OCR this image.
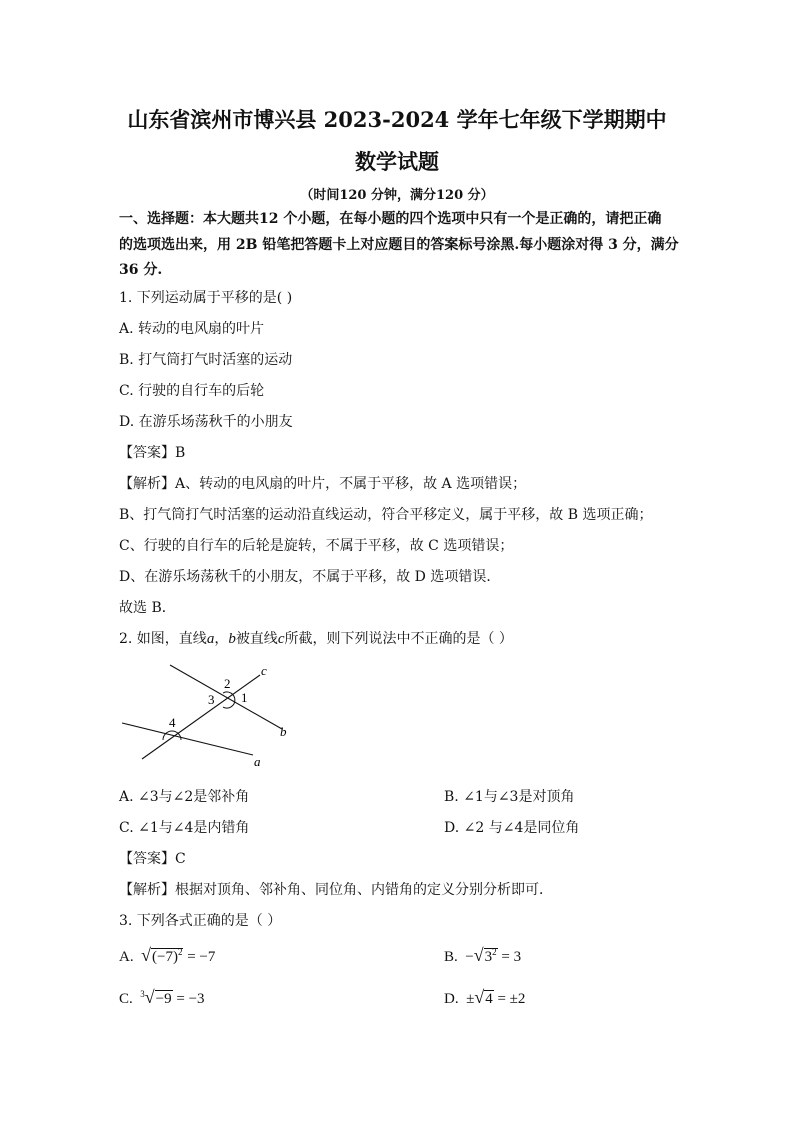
山东省滨州市博兴县 2023-2024 学年七年级下学期期中
数学试题
（时间120 分钟，满分120 分）
一、选择题：本大题共12 个小题，在每小题的四个选项中只有一个是正确的，请把正确
的选项选出来，用 2B 铅笔把答题卡上对应题目的答案标号涂黑.每小题涂对得 3 分，满分
36 分.
1. 下列运动属于平移的是( )
A. 转动的电风扇的叶片
B. 打气筒打气时活塞的运动
C. 行驶的自行车的后轮
D. 在游乐场荡秋千的小朋友
【答案】B
【解析】A、转动的电风扇的叶片，不属于平移，故 A 选项错误；
B、打气筒打气时活塞的运动沿直线运动，符合平移定义，属于平移，故 B 选项正确；
C、行驶的自行车的后轮是旋转，不属于平移，故 C 选项错误；
D、在游乐场荡秋千的小朋友，不属于平移，故 D 选项错误．
故选 B．
2. 如图，直线a，b被直线c所截，则下列说法中不正确的是（ ）
c
b
a
1
2
3
4
A. ∠3与∠2是邻补角	B. ∠1与∠3是对顶角
C. ∠1与∠4是内错角	D. ∠2 与∠4是同位角
【答案】C
【解析】根据对顶角、邻补角、同位角、内错角的定义分别分析即可．
3. 下列各式正确的是（ ）
A. $√(-7)^2 = -7$	B. $-√3^2 = 3$
C. $^3$√−9 = −3	D. ±√4 = ±2
